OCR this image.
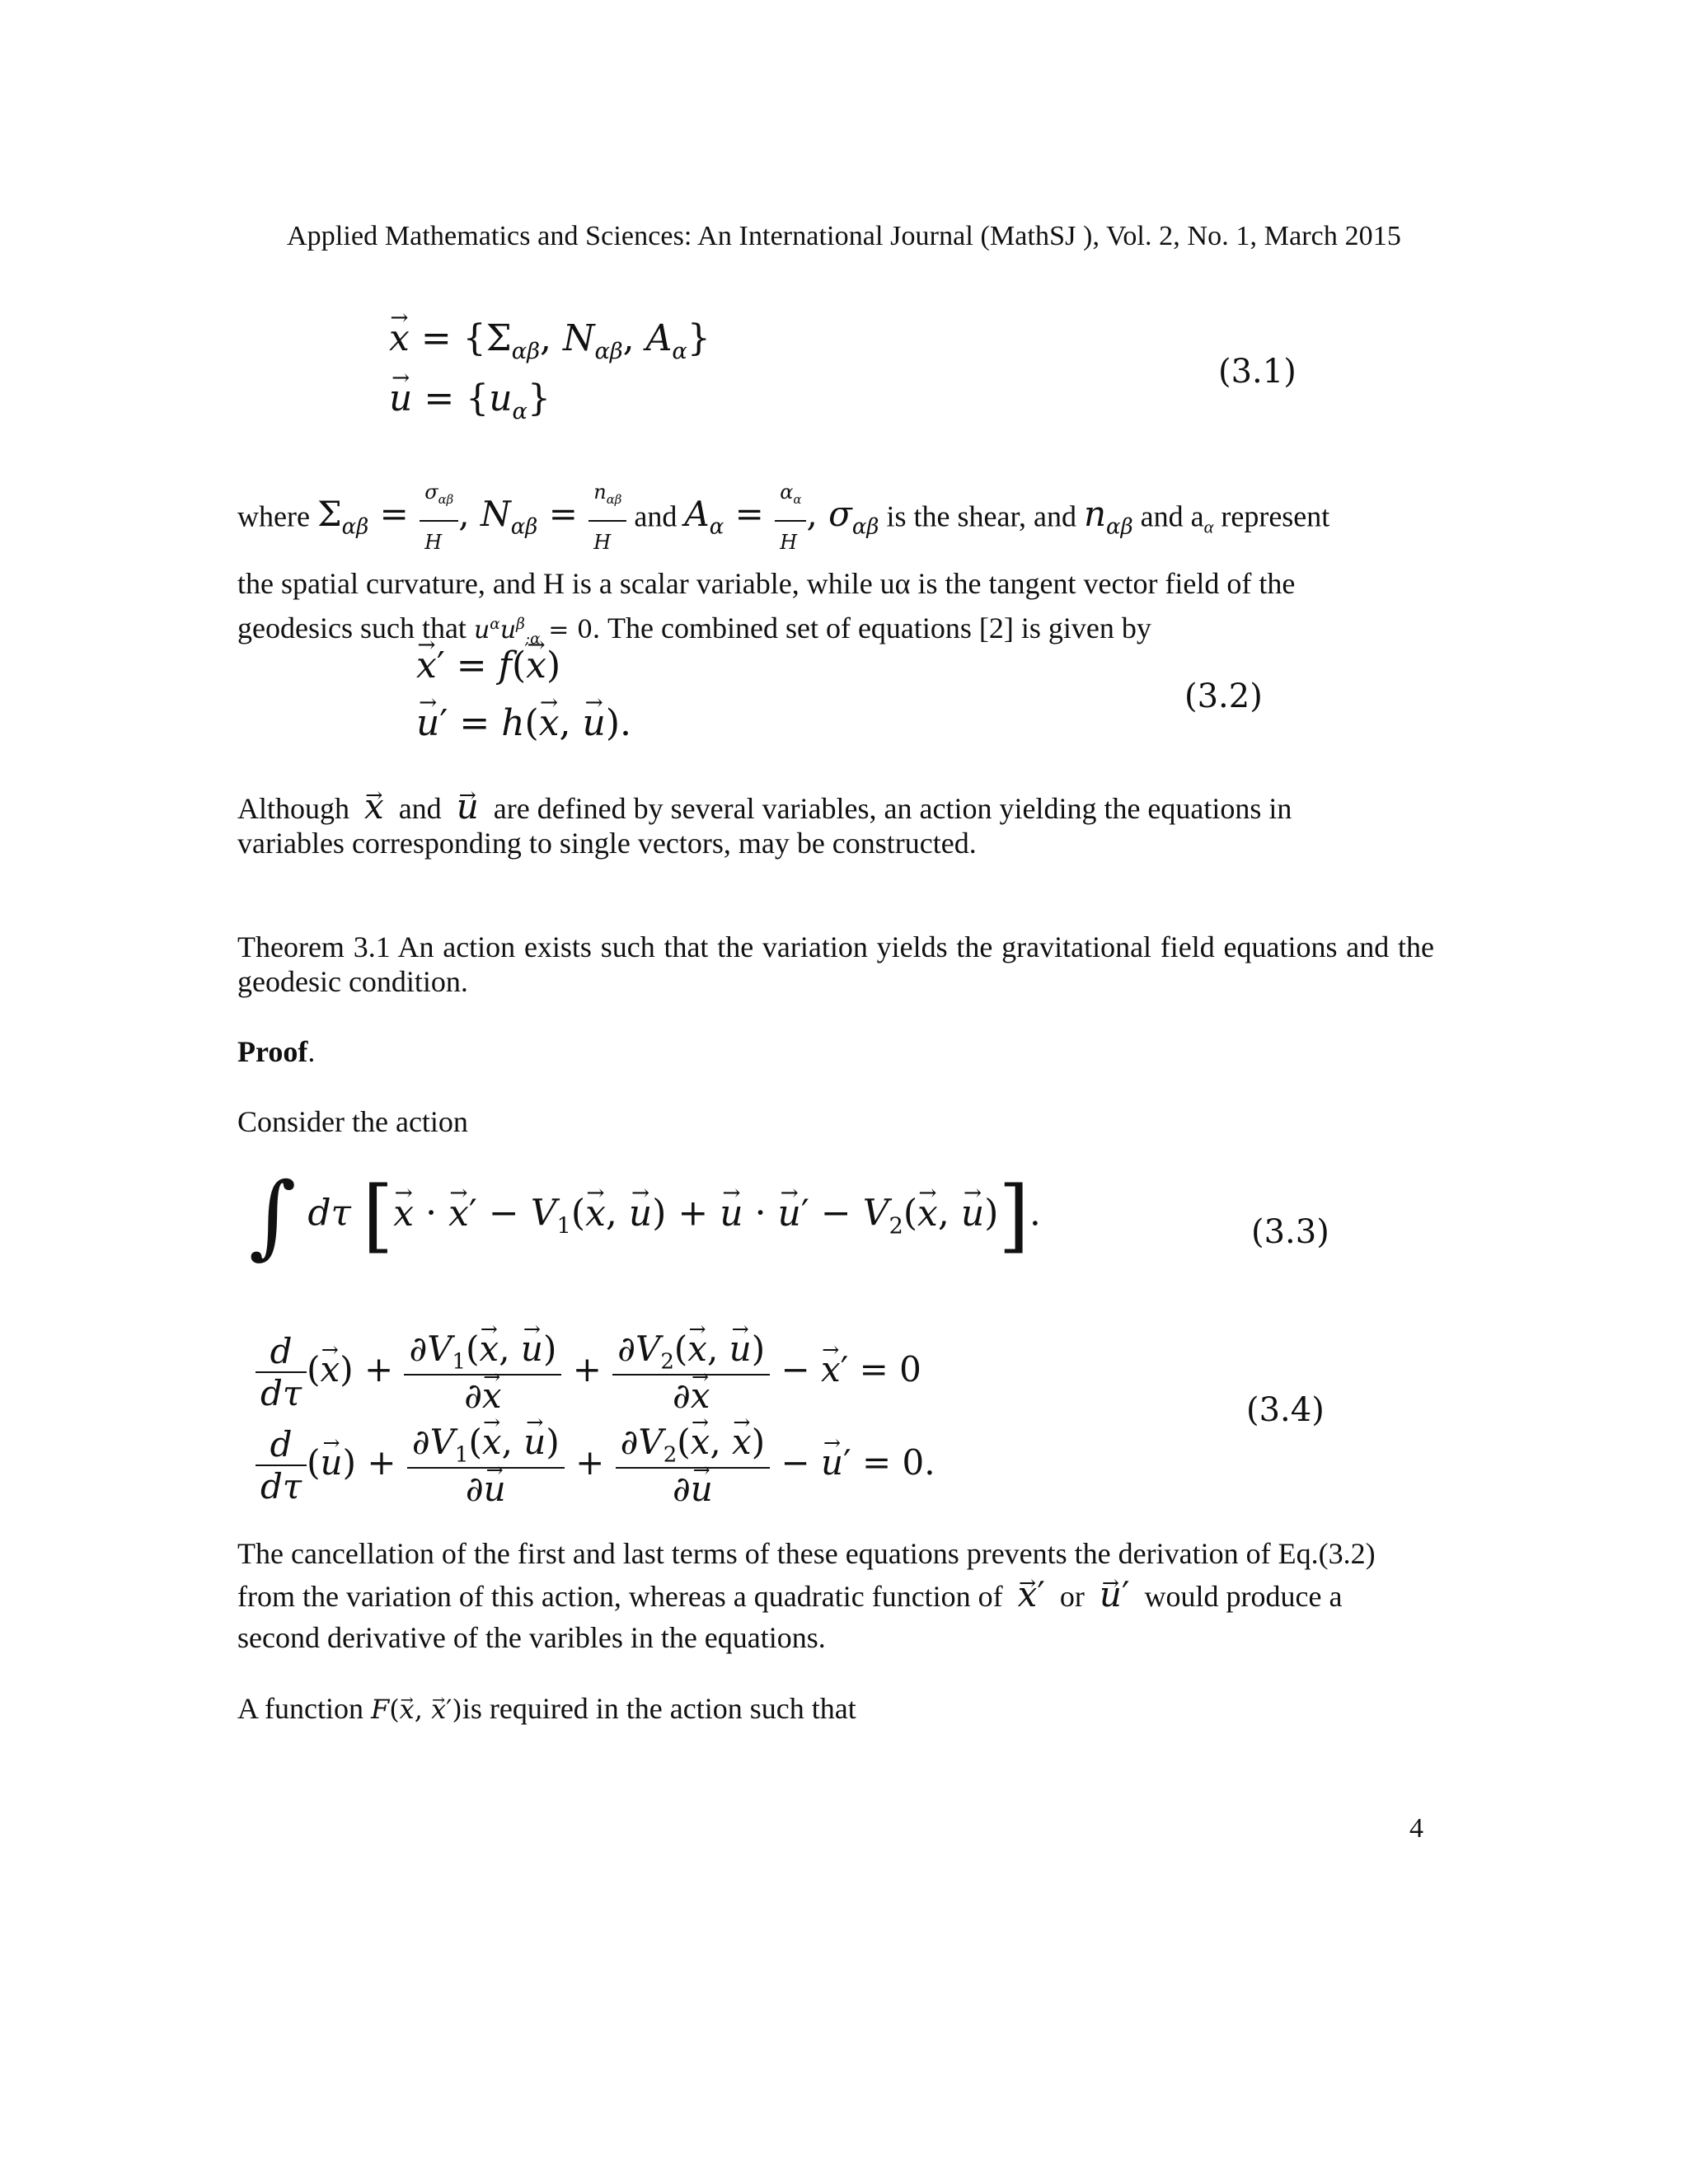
Applied Mathematics and Sciences: An International Journal (MathSJ ), Vol. 2, No. 1, March 2015
→ $x = \{\Sigma_{\alpha\beta}$, $N_{\alpha\beta}$, $A_\alpha$}
→ $u = \{u_\alpha\}$
(3.1)
where $\Sigma_{\alpha\beta} = \frac{\sigma_{\alpha\beta}}{H}$ , $N_{\alpha\beta} = \frac{n_{\alpha\beta}}{H}$ and $A_\alpha = \frac{\alpha_\alpha}{H}$ , $\sigma_{\alpha\beta}$ is the shear, and $n_{\alpha\beta}$ and $a_\alpha$ represent
the spatial curvature, and H is a scalar variable, while uα is the tangent vector field of the
geodesics such that $u^\alpha u^\beta_{;\alpha} = 0$. The combined set of equations [2] is given by
→ x′ = f(→ x)
→ u′ = h(→ x, → u).
(3.2)
Although → x and → u are defined by several variables, an action yielding the equations in
variables corresponding to single vectors, may be constructed.
Theorem 3.1 An action exists such that the variation yields the gravitational field equations and the geodesic condition.
Proof.
Consider the action
∫ dτ [→ x · → $x' - V_1(\to x$, → u) + → u · → $u' - V_2(\to x$, → u)].	(3.3)
$\frac{d}{d\tau}$ (→ $x) + \frac{\partial V_1(\to x, \to u)}{\partial\to x} + \frac{\partial V_2(\to x, \to u)}{\partial\to x}$ − → x′ = 0
$\frac{d}{d\tau}$ (→ $u) + \frac{\partial V_1(\to x, \to u)}{\partial\to u} + \frac{\partial V_2(\to x, \to x)}{\partial\to u}$ − → u′ = 0.
(3.4)
The cancellation of the first and last terms of these equations prevents the derivation of Eq.(3.2)
from the variation of this action, whereas a quadratic function of → x′ or → u′ would produce a
second derivative of the varibles in the equations.
A function F(→ x, → x′)is required in the action such that
4
